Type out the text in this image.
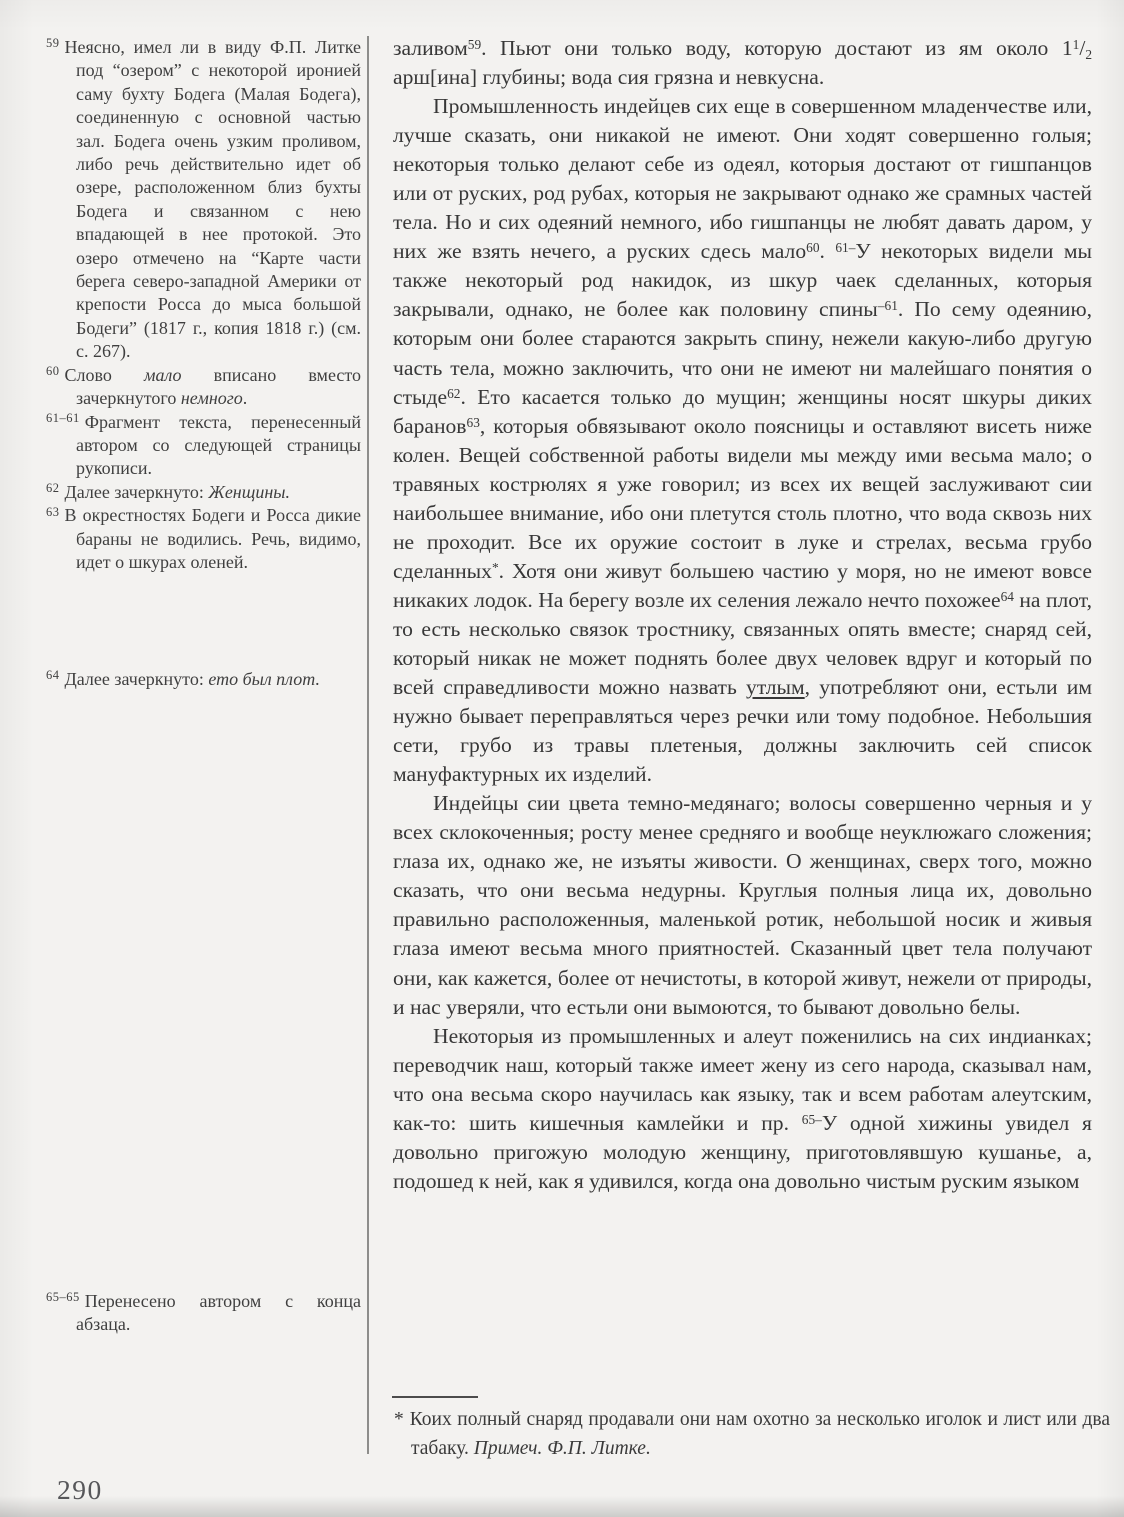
$^{59}$ Неясно, имел ли в виду Ф.П. Литке под “озером” с некоторой иронией саму бухту Бодега (Малая Бодега), соединенную с основной частью зал. Бодега очень узким проливом, либо речь действительно идет об озере, расположенном близ бухты Бодега и связанном с нею впадающей в нее протокой. Это озеро отмечено на “Карте части берега северо-западной Америки от крепости Росса до мыса большой Бодеги” (1817 г., копия 1818 г.) (см. с. 267).
$^{60}$ Слово мало вписано вместо зачеркнутого немного.
$^{61-61}$ Фрагмент текста, перенесенный автором со следующей страницы рукописи.
$^{62}$ Далее зачеркнуто: Женщины.
$^{63}$ В окрестностях Бодеги и Росса дикие бараны не водились. Речь, видимо, идет о шкурах оленей.
$^{64}$ Далее зачеркнуто: ето был плот.
$^{65-65}$ Перенесено автором с конца абзаца.

заливом$^{59}$. Пьют они только воду, которую достают из ям около $1^1/_2$ арш[ина] глубины; вода сия грязна и невкусна.

Промышленность индейцев сих еще в совершенном младенчестве или, лучше сказать, они никакой не имеют. Они ходят совершенно голыя; некоторыя только делают себе из одеял, которыя достают от гишпанцов или от руских, род рубах, которыя не закрывают однако же срамных частей тела. Но и сих одеяний немного, ибо гишпанцы не любят давать даром, у них же взять нечего, а руских сдесь мало$^{60}$. $^{61-}$У некоторых видели мы также некоторый род накидок, из шкур чаек сделанных, которыя закрывали, однако, не более как половину спины$^{-61}$. По сему одеянию, которым они более стараются закрыть спину, нежели какую-либо другую часть тела, можно заключить, что они не имеют ни малейшаго понятия о стыде$^{62}$. Ето касается только до мущин; женщины носят шкуры диких баранов$^{63}$, которыя обвязывают около поясницы и оставляют висеть ниже колен. Вещей собственной работы видели мы между ими весьма мало; о травяных кострюлях я уже говорил; из всех их вещей заслуживают сии наибольшее внимание, ибо они плетутся столь плотно, что вода сквозь них не проходит. Все их оружие состоит в луке и стрелах, весьма грубо сделанных*. Хотя они живут большею частию у моря, но не имеют вовсе никаких лодок. На берегу возле их селения лежало нечто похожее$^{64}$ на плот, то есть несколько связок тростнику, связанных опять вместе; снаряд сей, который никак не может поднять более двух человек вдруг и который по всей справедливости можно назвать утлым, употребляют они, естьли им нужно бывает переправляться через речки или тому подобное. Небольшия сети, грубо из травы плетеныя, должны заключить сей список мануфактурных их изделий.

Индейцы сии цвета темно-медянаго; волосы совершенно черныя и у всех склокоченныя; росту менее средняго и вообще неуклюжаго сложения; глаза их, однако же, не изъяты живости. О женщинах, сверх того, можно сказать, что они весьма недурны. Круглыя полныя лица их, довольно правильно расположенныя, маленькой ротик, небольшой носик и живыя глаза имеют весьма много приятностей. Сказанный цвет тела получают они, как кажется, более от нечистоты, в которой живут, нежели от природы, и нас уверяли, что естьли они вымоются, то бывают довольно белы.

Некоторыя из промышленных и алеут поженились на сих индианках; переводчик наш, который также имеет жену из сего народа, сказывал нам, что она весьма скоро научилась как языку, так и всем работам алеутским, как-то: шить кишечныя камлейки и пр. $^{65-}$У одной хижины увидел я довольно пригожую молодую женщину, приготовлявшую кушанье, а, подошед к ней, как я удивился, когда она довольно чистым руским языком

* Коих полный снаряд продавали они нам охотно за несколько иголок и лист или два табаку. Примеч. Ф.П. Литке.
290
